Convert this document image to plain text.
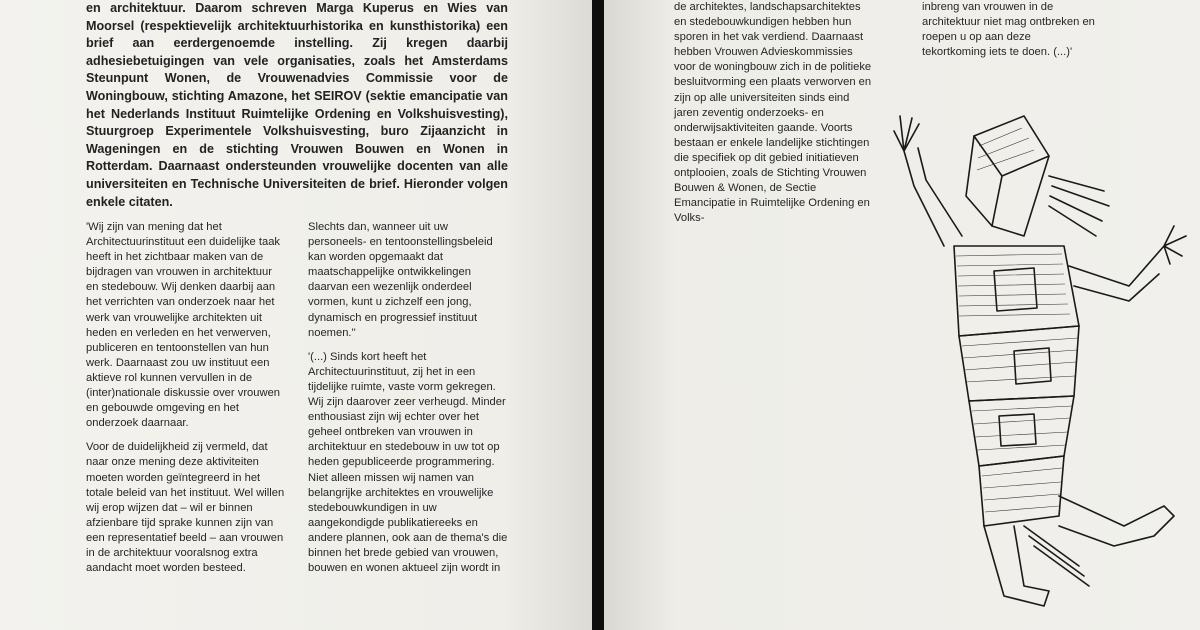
en architektuur. Daarom schreven Marga Kuperus en Wies van Moorsel (respektievelijk architektuurhistorika en kunsthistorika) een brief aan eerdergenoemde instelling. Zij kregen daarbij adhesiebetuigingen van vele organisaties, zoals het Amsterdams Steunpunt Wonen, de Vrouwenadvies Commissie voor de Woningbouw, stichting Amazone, het SEIROV (sektie emancipatie van het Nederlands Instituut Ruimtelijke Ordening en Volkshuisvesting), Stuurgroep Experimentele Volkshuisvesting, buro Zijaanzicht in Wageningen en de stichting Vrouwen Bouwen en Wonen in Rotterdam. Daarnaast ondersteunden vrouwelijke docenten van alle universiteiten en Technische Universiteiten de brief. Hieronder volgen enkele citaten.

'Wij zijn van mening dat het Architectuurinstituut een duidelijke taak heeft in het zichtbaar maken van de bijdragen van vrouwen in architektuur en stedebouw. Wij denken daarbij aan het verrichten van onderzoek naar het werk van vrouwelijke architekten uit heden en verleden en het verwerven, publiceren en tentoonstellen van hun werk. Daarnaast zou uw instituut een aktieve rol kunnen vervullen in de (inter)nationale diskussie over vrouwen en gebouwde omgeving en het onderzoek daarnaar.

Voor de duidelijkheid zij vermeld, dat naar onze mening deze aktiviteiten moeten worden geïntegreerd in het totale beleid van het instituut. Wel willen wij erop wijzen dat – wil er binnen afzienbare tijd sprake kunnen zijn van een representatief beeld – aan vrouwen in de architektuur vooralsnog extra aandacht moet worden besteed.

Slechts dan, wanneer uit uw personeels- en tentoonstellingsbeleid kan worden opgemaakt dat maatschappelijke ontwikkelingen daarvan een wezenlijk onderdeel vormen, kunt u zichzelf een jong, dynamisch en progressief instituut noemen.''

'(...) Sinds kort heeft het Architectuurinstituut, zij het in een tijdelijke ruimte, vaste vorm gekregen. Wij zijn daarover zeer verheugd. Minder enthousiast zijn wij echter over het geheel ontbreken van vrouwen in architektuur en stedebouw in uw tot op heden gepubliceerde programmering. Niet alleen missen wij namen van belangrijke architektes en vrouwelijke stedebouwkundigen in uw aangekondigde publikatiereeks en andere plannen, ook aan de thema's die binnen het brede gebied van vrouwen, bouwen en wonen aktueel zijn wordt in

de architektes, landschapsarchitektes en stedebouwkundigen hebben hun sporen in het vak verdiend. Daarnaast hebben Vrouwen Advieskommissies voor de woningbouw zich in de politieke besluitvorming een plaats verworven en zijn op alle universiteiten sinds eind jaren zeventig onderzoeks- en onderwijsaktiviteiten gaande. Voorts bestaan er enkele landelijke stichtingen die specifiek op dit gebied initiatieven ontplooien, zoals de Stichting Vrouwen Bouwen & Wonen, de Sectie Emancipatie in Ruimtelijke Ordening en Volks-

inbreng van vrouwen in de architektuur niet mag ontbreken en roepen u op aan deze tekortkoming iets te doen. (...)'
